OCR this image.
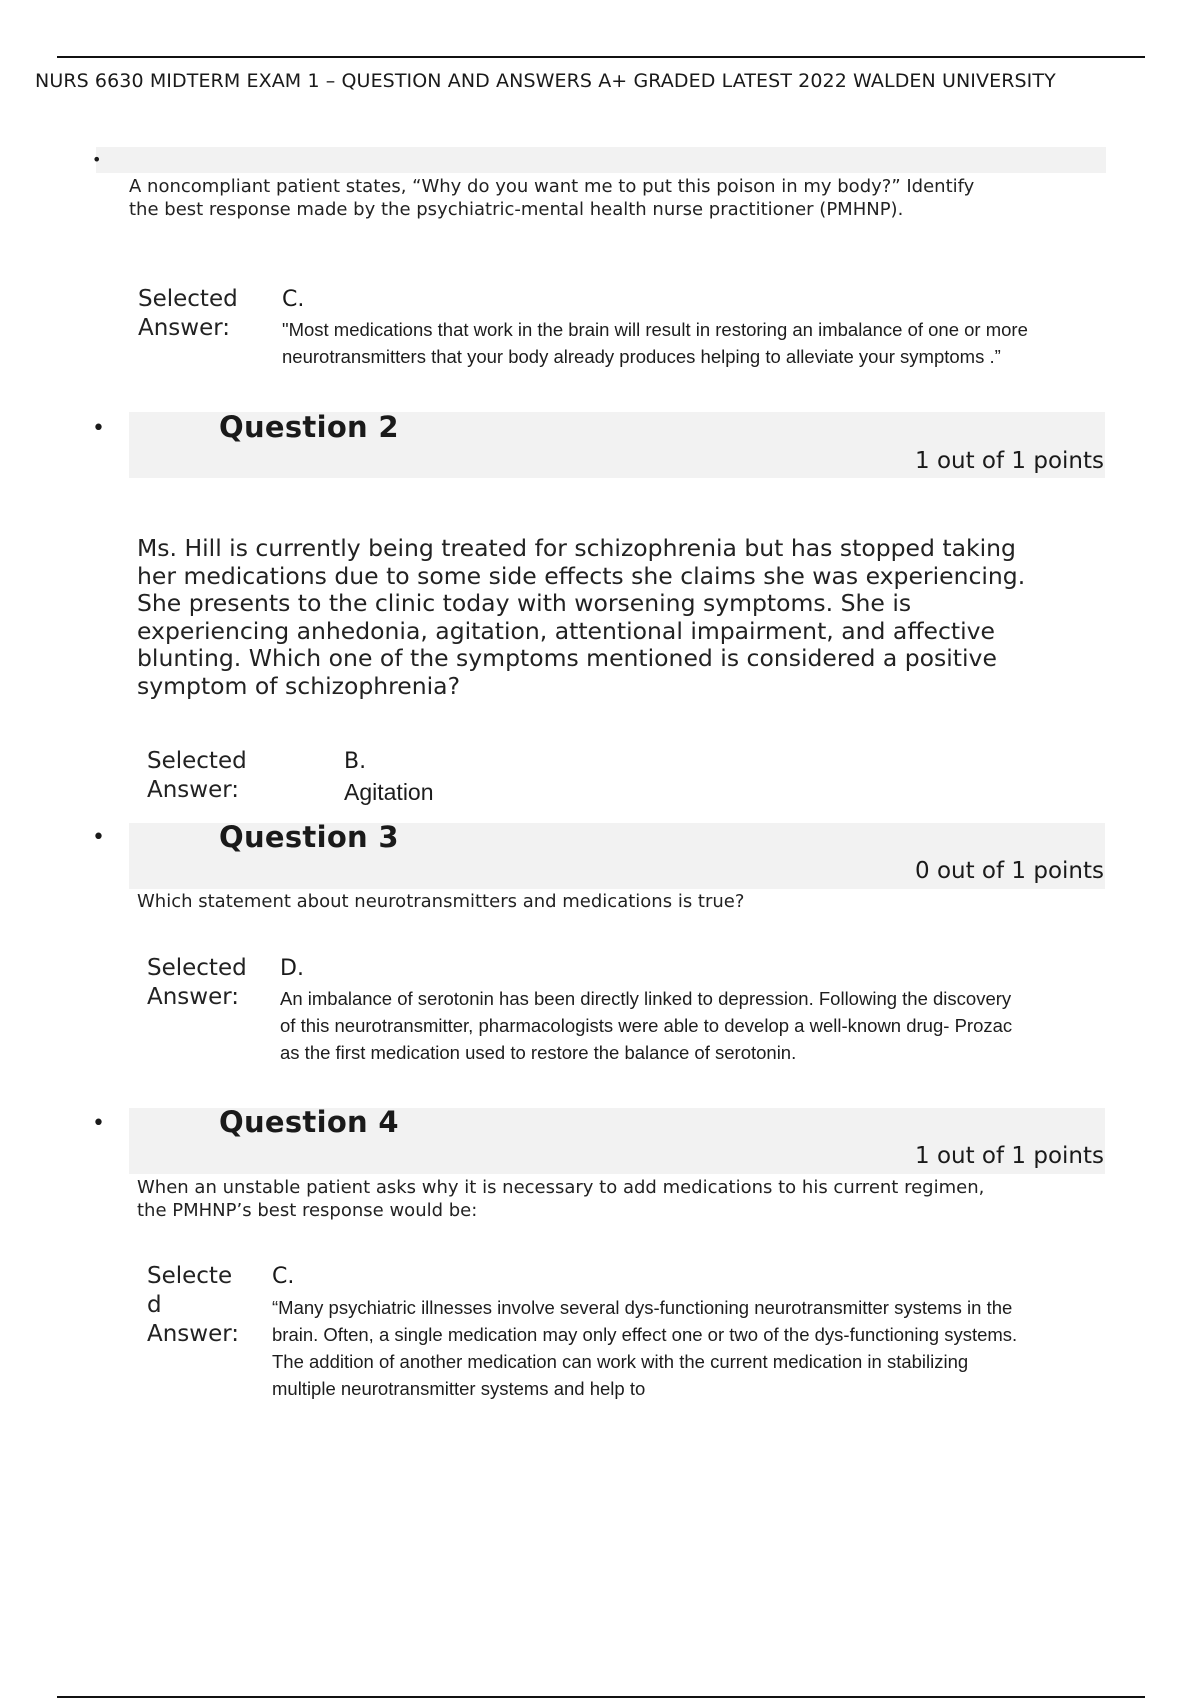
NURS 6630 MIDTERM EXAM 1 – QUESTION AND ANSWERS A+ GRADED LATEST 2022 WALDEN UNIVERSITY
•
A noncompliant patient states, “Why do you want me to put this poison in my body?” Identify the best response made by the psychiatric-mental health nurse practitioner (PMHNP).
Selected Answer:
C.
"Most medications that work in the brain will result in restoring an imbalance of one or more neurotransmitters that your body already produces helping to alleviate your symptoms .”
•	Question 2
1 out of 1 points
Ms. Hill is currently being treated for schizophrenia but has stopped taking her medications due to some side effects she claims she was experiencing. She presents to the clinic today with worsening symptoms. She is experiencing anhedonia, agitation, attentional impairment, and affective blunting. Which one of the symptoms mentioned is considered a positive symptom of schizophrenia?
Selected Answer:
B.
Agitation
•	Question 3
0 out of 1 points
Which statement about neurotransmitters and medications is true?
Selected Answer:
D.
An imbalance of serotonin has been directly linked to depression. Following the discovery of this neurotransmitter, pharmacologists were able to develop a well-known drug- Prozac as the first medication used to restore the balance of serotonin.
•	Question 4
1 out of 1 points
When an unstable patient asks why it is necessary to add medications to his current regimen, the PMHNP’s best response would be:
Selecte d Answer:
C.
“Many psychiatric illnesses involve several dys-functioning neurotransmitter systems in the brain. Often, a single medication may only effect one or two of the dys-functioning systems. The addition of another medication can work with the current medication in stabilizing multiple neurotransmitter systems and help to
